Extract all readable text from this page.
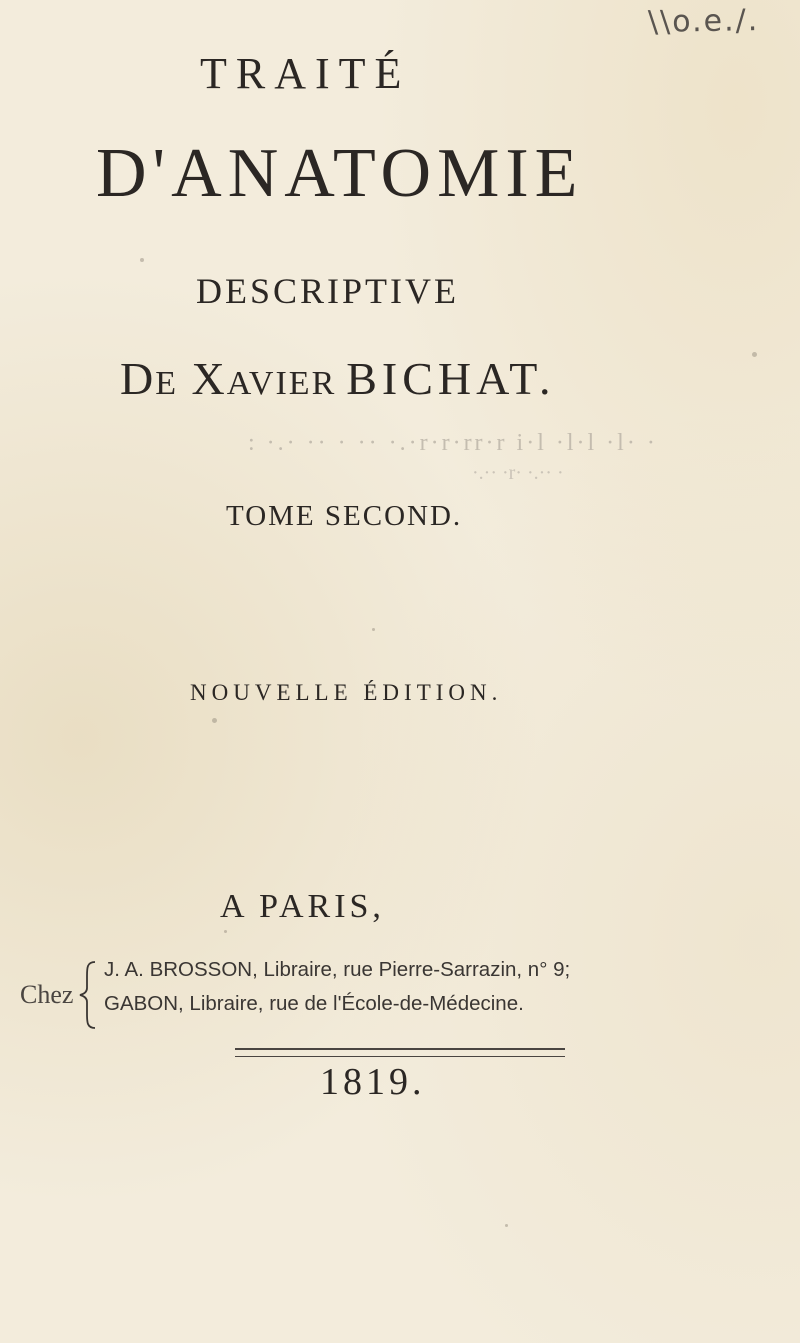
\\o.e./.
TRAITÉ
D'ANATOMIE
DESCRIPTIVE
DE XAVIER BICHAT.
: ·.· ·· · ·· ·.·r·r·rr·r i·l ·l·l ·l· ·
·.·· ·r· ·.·· ·
TOME SECOND.
NOUVELLE ÉDITION.
A PARIS,
Chez
J. A. BROSSON, Libraire, rue Pierre-Sarrazin, n° 9;
GABON, Libraire, rue de l'École-de-Médecine.
1819.
